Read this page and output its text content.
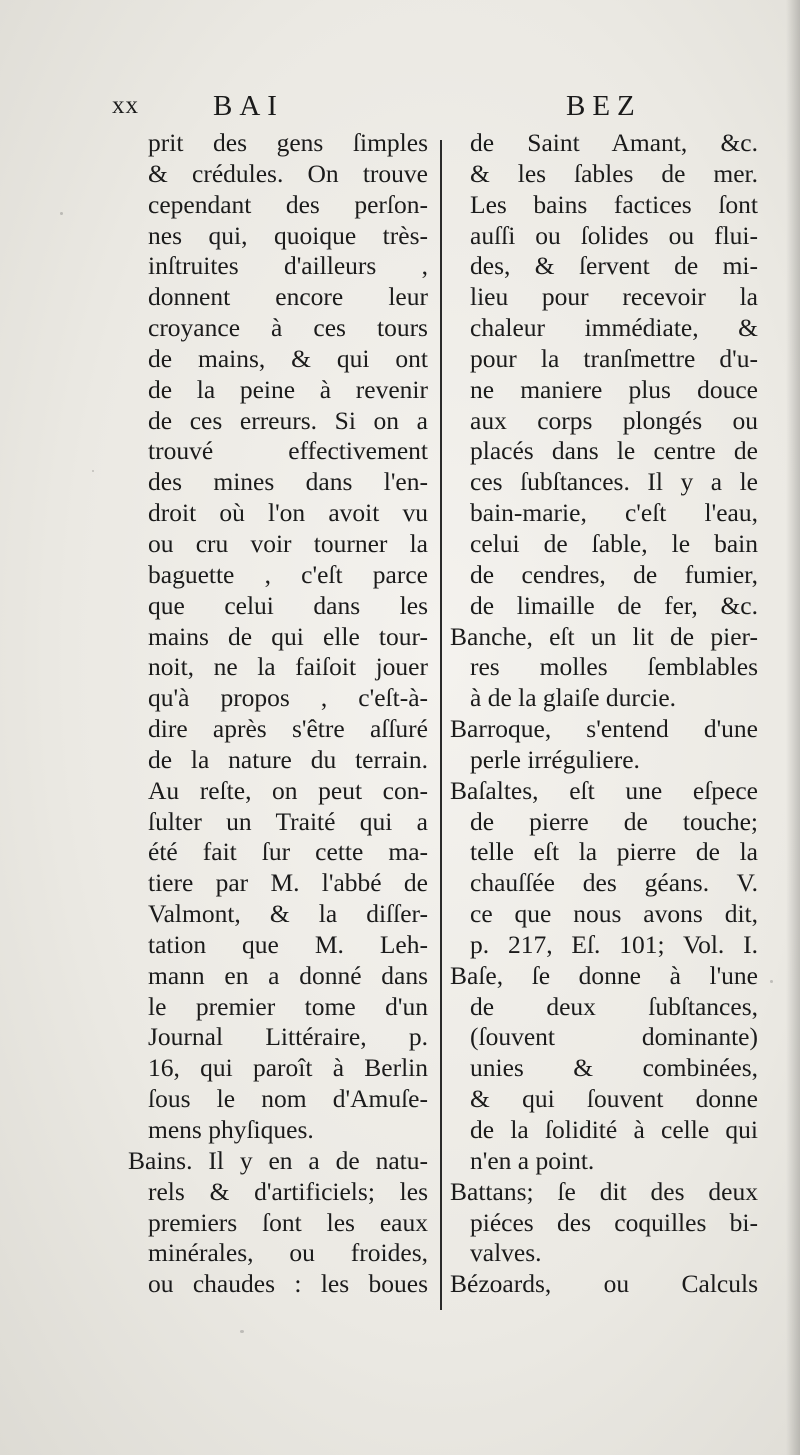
xx	BAI	BEZ
prit des gens ſimples
& crédules. On trouve
cependant des perſon-
nes qui, quoique très-
inſtruites d'ailleurs ,
donnent encore leur
croyance à ces tours
de mains, & qui ont
de la peine à revenir
de ces erreurs. Si on a
trouvé effectivement
des mines dans l'en-
droit où l'on avoit vu
ou cru voir tourner la
baguette , c'eſt parce
que celui dans les
mains de qui elle tour-
noit, ne la faiſoit jouer
qu'à propos , c'eſt-à-
dire après s'être aſſuré
de la nature du terrain.
Au reſte, on peut con-
ſulter un Traité qui a
été fait ſur cette ma-
tiere par M. l'abbé de
Valmont, & la diſſer-
tation que M. Leh-
mann en a donné dans
le premier tome d'un
Journal Littéraire, p.
16, qui paroît à Berlin
ſous le nom d'Amuſe-
mens phyſiques.
Bains. Il y en a de natu-
rels & d'artificiels; les
premiers ſont les eaux
minérales, ou froides,
ou chaudes : les boues
de Saint Amant, &c.
& les ſables de mer.
Les bains factices ſont
auſſi ou ſolides ou flui-
des, & ſervent de mi-
lieu pour recevoir la
chaleur immédiate, &
pour la tranſmettre d'u-
ne maniere plus douce
aux corps plongés ou
placés dans le centre de
ces ſubſtances. Il y a le
bain-marie, c'eſt l'eau,
celui de ſable, le bain
de cendres, de fumier,
de limaille de fer, &c.
Banche, eſt un lit de pier-
res molles ſemblables
à de la glaiſe durcie.
Barroque, s'entend d'une
perle irréguliere.
Baſaltes, eſt une eſpece
de pierre de touche;
telle eſt la pierre de la
chauſſée des géans. V.
ce que nous avons dit,
p. 217, Eſ. 101; Vol. I.
Baſe, ſe donne à l'une
de deux ſubſtances,
(ſouvent dominante)
unies & combinées,
& qui ſouvent donne
de la ſolidité à celle qui
n'en a point.
Battans; ſe dit des deux
piéces des coquilles bi-
valves.
Bézoards, ou Calculs
